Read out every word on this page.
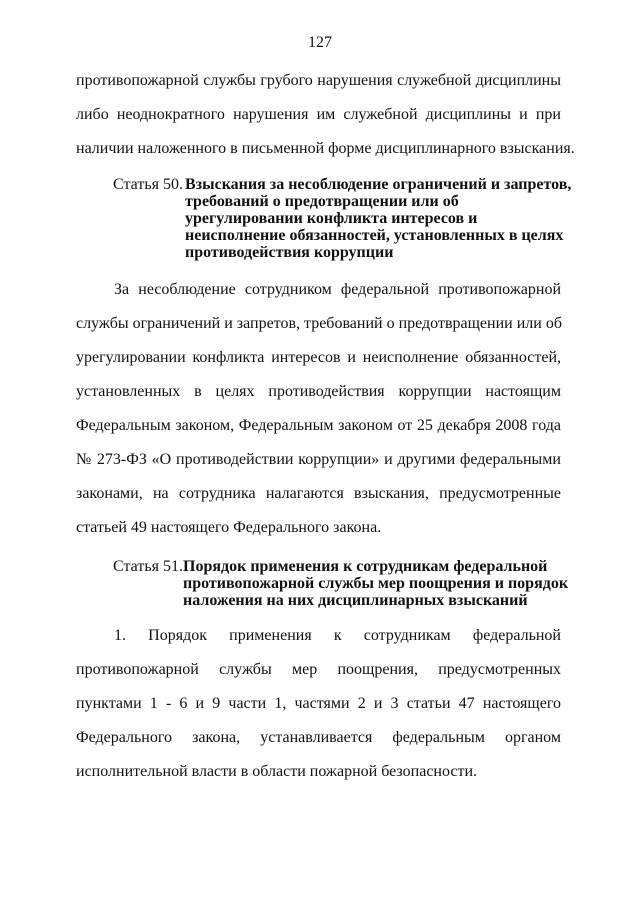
127
противопожарной службы грубого нарушения служебной дисциплины
либо неоднократного нарушения им служебной дисциплины и при
наличии наложенного в письменной форме дисциплинарного взыскания.
Статья 50. Взыскания за несоблюдение ограничений и запретов,
требований о предотвращении или об
урегулировании конфликта интересов и
неисполнение обязанностей, установленных в целях
противодействия коррупции
За несоблюдение сотрудником федеральной противопожарной
службы ограничений и запретов, требований о предотвращении или об
урегулировании конфликта интересов и неисполнение обязанностей,
установленных в целях противодействия коррупции настоящим
Федеральным законом, Федеральным законом от 25 декабря 2008 года
№ 273-ФЗ «О противодействии коррупции» и другими федеральными
законами, на сотрудника налагаются взыскания, предусмотренные
статьей 49 настоящего Федерального закона.
Статья 51. Порядок применения к сотрудникам федеральной
противопожарной службы мер поощрения и порядок
наложения на них дисциплинарных взысканий
1. Порядок применения к сотрудникам федеральной
противопожарной службы мер поощрения, предусмотренных
пунктами 1 - 6 и 9 части 1, частями 2 и 3 статьи 47 настоящего
Федерального закона, устанавливается федеральным органом
исполнительной власти в области пожарной безопасности.
